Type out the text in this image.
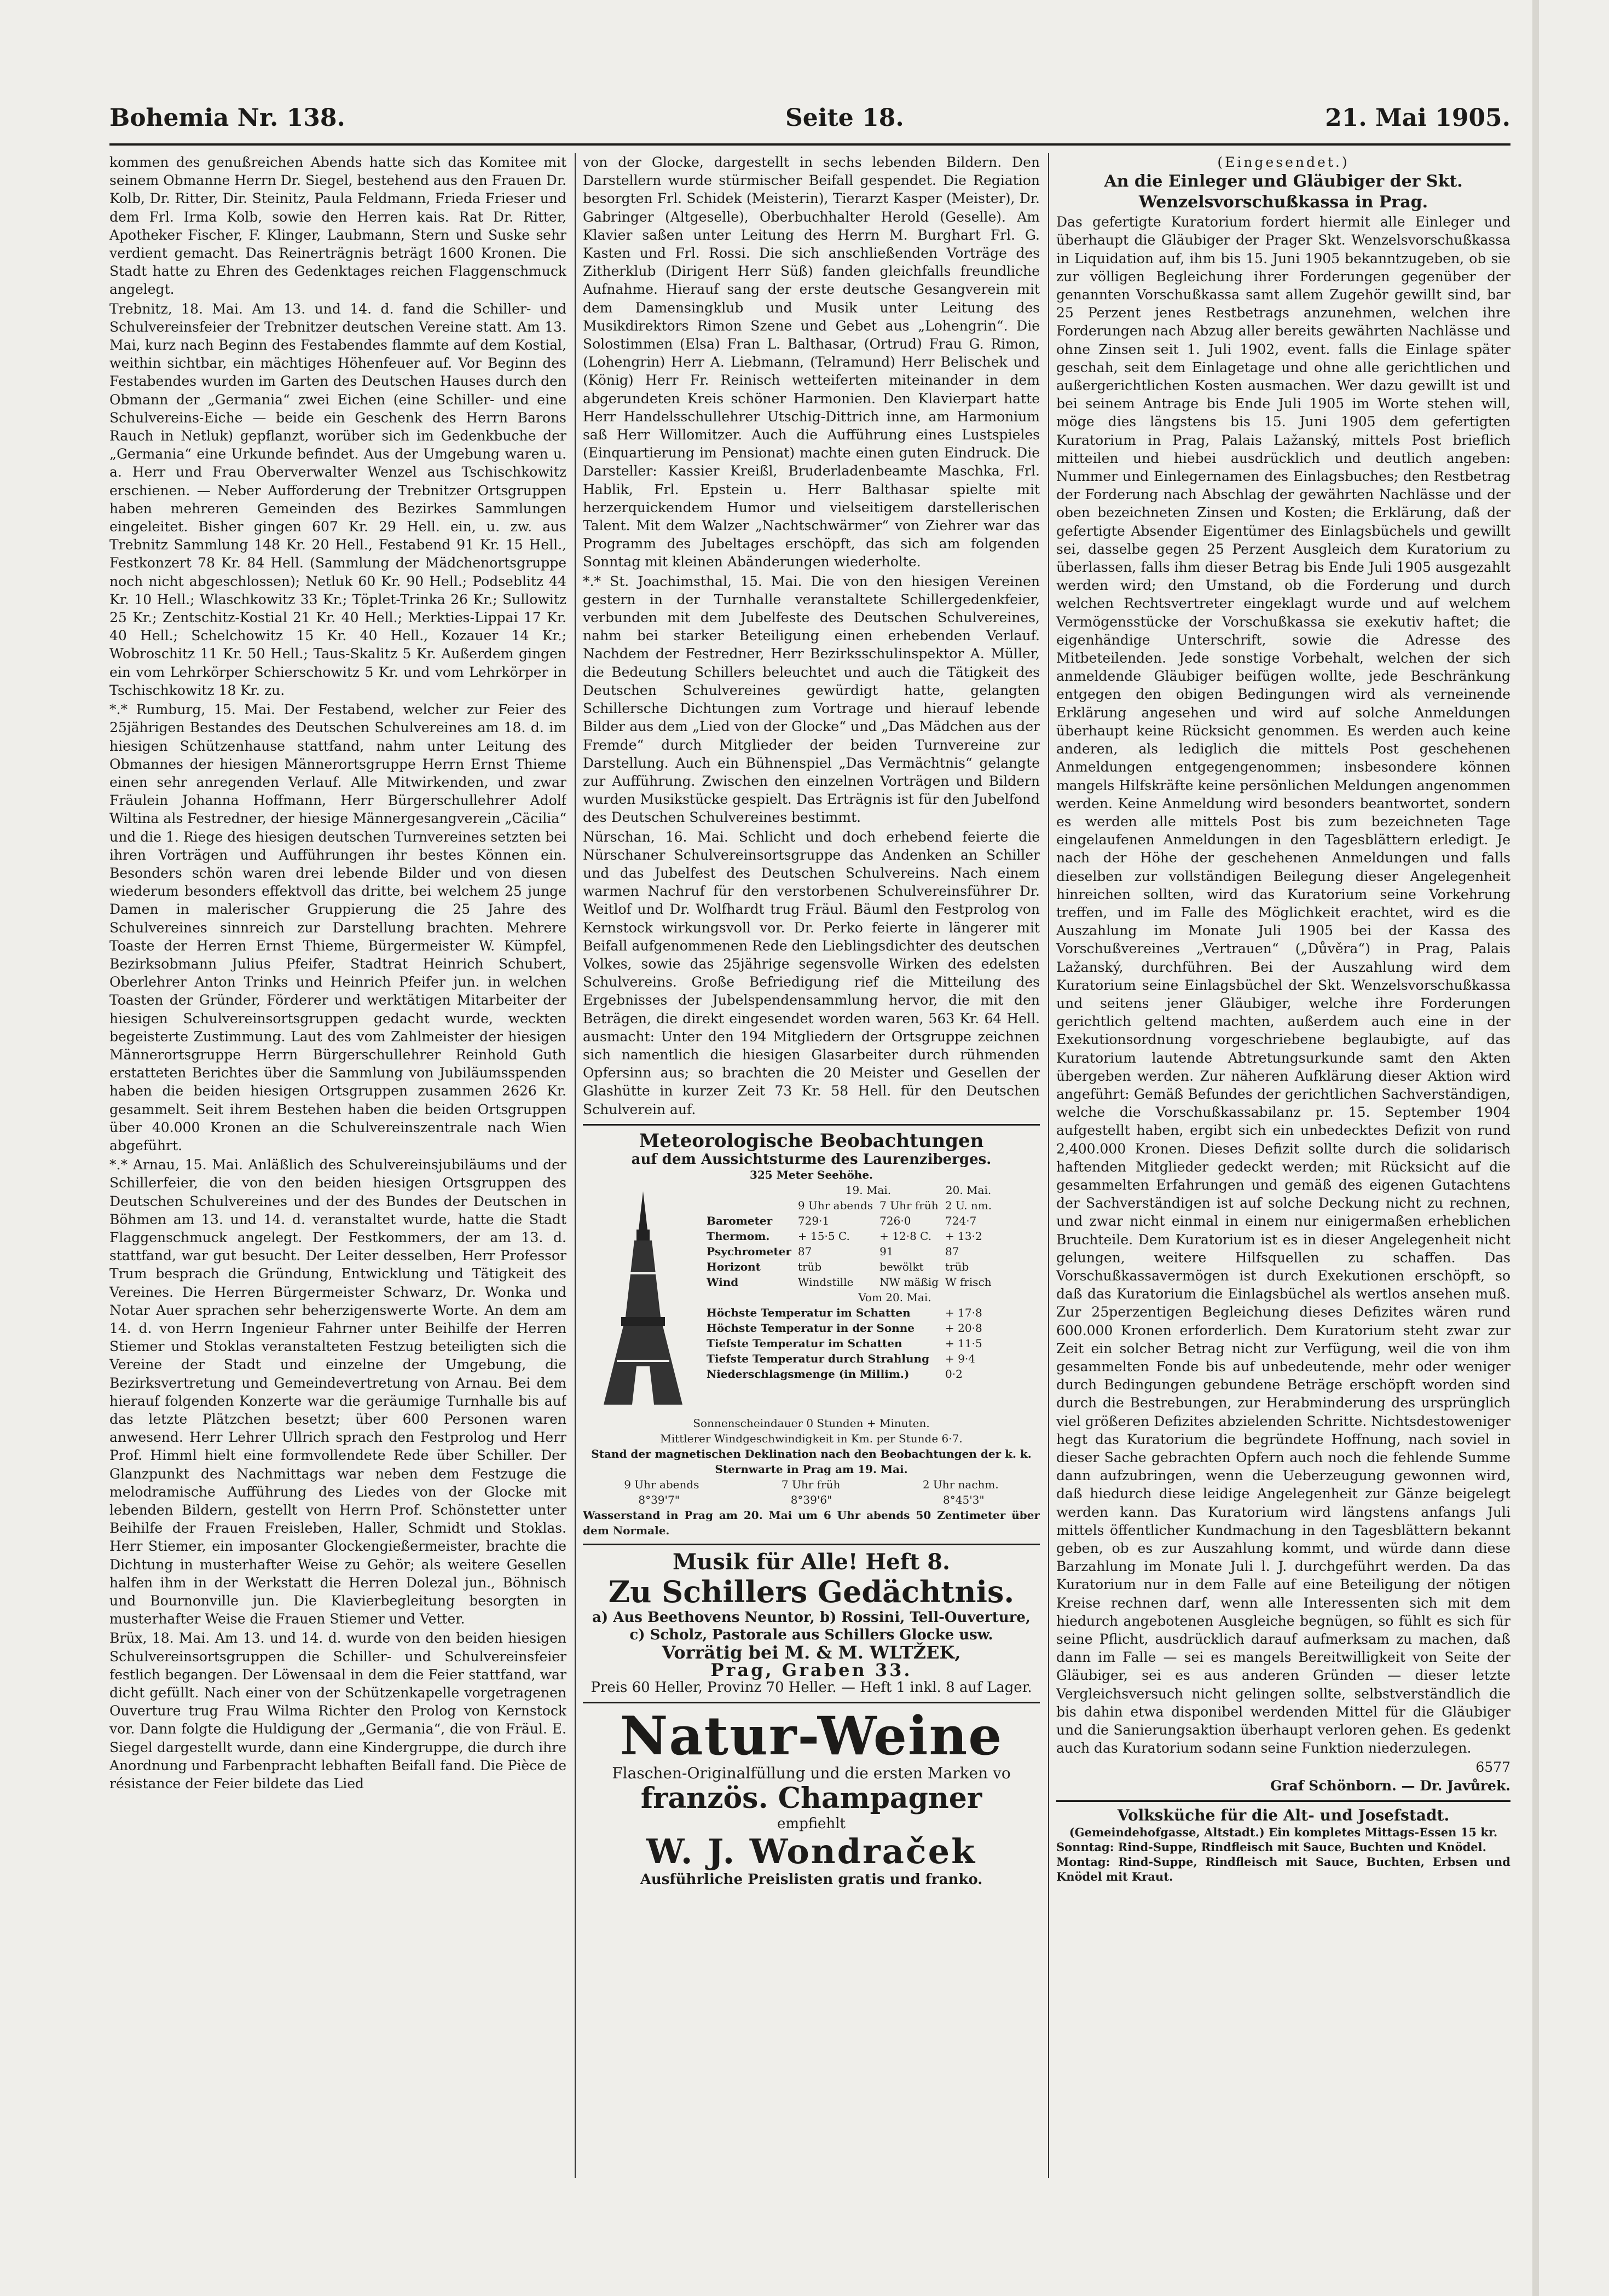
Bohemia Nr. 138.	Seite 18.	21. Mai 1905.

kommen des genußreichen Abends hatte sich das Komitee mit seinem Obmanne Herrn Dr. Siegel, bestehend aus den Frauen Dr. Kolb, Dr. Ritter, Dir. Steinitz, Paula Feldmann, Frieda Frieser und dem Frl. Irma Kolb, sowie den Herren kais. Rat Dr. Ritter, Apotheker Fischer, F. Klinger, Laubmann, Stern und Suske sehr verdient gemacht. Das Reinerträgnis beträgt 1600 Kronen. Die Stadt hatte zu Ehren des Gedenktages reichen Flaggenschmuck angelegt.

Trebnitz, 18. Mai. Am 13. und 14. d. fand die Schiller- und Schulvereinsfeier der Trebnitzer deutschen Vereine statt. Am 13. Mai, kurz nach Beginn des Festabendes flammte auf dem Kostial, weithin sichtbar, ein mächtiges Höhenfeuer auf. Vor Beginn des Festabendes wurden im Garten des Deutschen Hauses durch den Obmann der „Germania“ zwei Eichen (eine Schiller- und eine Schulvereins-Eiche — beide ein Geschenk des Herrn Barons Rauch in Netluk) gepflanzt, worüber sich im Gedenkbuche der „Germania“ eine Urkunde befindet. Aus der Umgebung waren u. a. Herr und Frau Oberverwalter Wenzel aus Tschischkowitz erschienen. — Neber Aufforderung der Trebnitzer Ortsgruppen haben mehreren Gemeinden des Bezirkes Sammlungen eingeleitet. Bisher gingen 607 Kr. 29 Hell. ein, u. zw. aus Trebnitz Sammlung 148 Kr. 20 Hell., Festabend 91 Kr. 15 Hell., Festkonzert 78 Kr. 84 Hell. (Sammlung der Mädchenortsgruppe noch nicht abgeschlossen); Netluk 60 Kr. 90 Hell.; Podseblitz 44 Kr. 10 Hell.; Wlaschkowitz 33 Kr.; Töplet-Trinka 26 Kr.; Sullowitz 25 Kr.; Zentschitz-Kostial 21 Kr. 40 Hell.; Merkties-Lippai 17 Kr. 40 Hell.; Schelchowitz 15 Kr. 40 Hell., Kozauer 14 Kr.; Wobroschitz 11 Kr. 50 Hell.; Taus-Skalitz 5 Kr. Außerdem gingen ein vom Lehrkörper Schierschowitz 5 Kr. und vom Lehrkörper in Tschischkowitz 18 Kr. zu.

*.* Rumburg, 15. Mai. Der Festabend, welcher zur Feier des 25jährigen Bestandes des Deutschen Schulvereines am 18. d. im hiesigen Schützenhause stattfand, nahm unter Leitung des Obmannes der hiesigen Männerortsgruppe Herrn Ernst Thieme einen sehr anregenden Verlauf. Alle Mitwirkenden, und zwar Fräulein Johanna Hoffmann, Herr Bürgerschullehrer Adolf Wiltina als Festredner, der hiesige Männergesangverein „Cäcilia“ und die 1. Riege des hiesigen deutschen Turnvereines setzten bei ihren Vorträgen und Aufführungen ihr bestes Können ein. Besonders schön waren drei lebende Bilder und von diesen wiederum besonders effektvoll das dritte, bei welchem 25 junge Damen in malerischer Gruppierung die 25 Jahre des Schulvereines sinnreich zur Darstellung brachten. Mehrere Toaste der Herren Ernst Thieme, Bürgermeister W. Kümpfel, Bezirksobmann Julius Pfeifer, Stadtrat Heinrich Schubert, Oberlehrer Anton Trinks und Heinrich Pfeifer jun. in welchen Toasten der Gründer, Förderer und werktätigen Mitarbeiter der hiesigen Schulvereinsortsgruppen gedacht wurde, weckten begeisterte Zustimmung. Laut des vom Zahlmeister der hiesigen Männerortsgruppe Herrn Bürgerschullehrer Reinhold Guth erstatteten Berichtes über die Sammlung von Jubiläumsspenden haben die beiden hiesigen Ortsgruppen zusammen 2626 Kr. gesammelt. Seit ihrem Bestehen haben die beiden Ortsgruppen über 40.000 Kronen an die Schulvereinszentrale nach Wien abgeführt.

*.* Arnau, 15. Mai. Anläßlich des Schulvereinsjubiläums und der Schillerfeier, die von den beiden hiesigen Ortsgruppen des Deutschen Schulvereines und der des Bundes der Deutschen in Böhmen am 13. und 14. d. veranstaltet wurde, hatte die Stadt Flaggenschmuck angelegt. Der Festkommers, der am 13. d. stattfand, war gut besucht. Der Leiter desselben, Herr Professor Trum besprach die Gründung, Entwicklung und Tätigkeit des Vereines. Die Herren Bürgermeister Schwarz, Dr. Wonka und Notar Auer sprachen sehr beherzigenswerte Worte. An dem am 14. d. von Herrn Ingenieur Fahrner unter Beihilfe der Herren Stiemer und Stoklas veranstalteten Festzug beteiligten sich die Vereine der Stadt und einzelne der Umgebung, die Bezirksvertretung und Gemeindevertretung von Arnau. Bei dem hierauf folgenden Konzerte war die geräumige Turnhalle bis auf das letzte Plätzchen besetzt; über 600 Personen waren anwesend. Herr Lehrer Ullrich sprach den Festprolog und Herr Prof. Himml hielt eine formvollendete Rede über Schiller. Der Glanzpunkt des Nachmittags war neben dem Festzuge die melodramische Aufführung des Liedes von der Glocke mit lebenden Bildern, gestellt von Herrn Prof. Schönstetter unter Beihilfe der Frauen Freisleben, Haller, Schmidt und Stoklas. Herr Stiemer, ein imposanter Glockengießermeister, brachte die Dichtung in musterhafter Weise zu Gehör; als weitere Gesellen halfen ihm in der Werkstatt die Herren Dolezal jun., Böhnisch und Bournonville jun. Die Klavierbegleitung besorgten in musterhafter Weise die Frauen Stiemer und Vetter.

Brüx, 18. Mai. Am 13. und 14. d. wurde von den beiden hiesigen Schulvereinsortsgruppen die Schiller- und Schulvereinsfeier festlich begangen. Der Löwensaal in dem die Feier stattfand, war dicht gefüllt. Nach einer von der Schützenkapelle vorgetragenen Ouverture trug Frau Wilma Richter den Prolog von Kernstock vor. Dann folgte die Huldigung der „Germania“, die von Fräul. E. Siegel dargestellt wurde, dann eine Kindergruppe, die durch ihre Anordnung und Farbenpracht lebhaften Beifall fand. Die Pièce de résistance der Feier bildete das Lied

von der Glocke, dargestellt in sechs lebenden Bildern. Den Darstellern wurde stürmischer Beifall gespendet. Die Regiation besorgten Frl. Schidek (Meisterin), Tierarzt Kasper (Meister), Dr. Gabringer (Altgeselle), Oberbuchhalter Herold (Geselle). Am Klavier saßen unter Leitung des Herrn M. Burghart Frl. G. Kasten und Frl. Rossi. Die sich anschließenden Vorträge des Zitherklub (Dirigent Herr Süß) fanden gleichfalls freundliche Aufnahme. Hierauf sang der erste deutsche Gesangverein mit dem Damensingklub und Musik unter Leitung des Musikdirektors Rimon Szene und Gebet aus „Lohengrin“. Die Solostimmen (Elsa) Fran L. Balthasar, (Ortrud) Frau G. Rimon, (Lohengrin) Herr A. Liebmann, (Telramund) Herr Belischek und (König) Herr Fr. Reinisch wetteiferten miteinander in dem abgerundeten Kreis schöner Harmonien. Den Klavierpart hatte Herr Handelsschullehrer Utschig-Dittrich inne, am Harmonium saß Herr Willomitzer. Auch die Aufführung eines Lustspieles (Einquartierung im Pensionat) machte einen guten Eindruck. Die Darsteller: Kassier Kreißl, Bruderladenbeamte Maschka, Frl. Hablik, Frl. Epstein u. Herr Balthasar spielte mit herzerquickendem Humor und vielseitigem darstellerischen Talent. Mit dem Walzer „Nachtschwärmer“ von Ziehrer war das Programm des Jubeltages erschöpft, das sich am folgenden Sonntag mit kleinen Abänderungen wiederholte.

*.* St. Joachimsthal, 15. Mai. Die von den hiesigen Vereinen gestern in der Turnhalle veranstaltete Schillergedenkfeier, verbunden mit dem Jubelfeste des Deutschen Schulvereines, nahm bei starker Beteiligung einen erhebenden Verlauf. Nachdem der Festredner, Herr Bezirksschulinspektor A. Müller, die Bedeutung Schillers beleuchtet und auch die Tätigkeit des Deutschen Schulvereines gewürdigt hatte, gelangten Schillersche Dichtungen zum Vortrage und hierauf lebende Bilder aus dem „Lied von der Glocke“ und „Das Mädchen aus der Fremde“ durch Mitglieder der beiden Turnvereine zur Darstellung. Auch ein Bühnenspiel „Das Vermächtnis“ gelangte zur Aufführung. Zwischen den einzelnen Vorträgen und Bildern wurden Musikstücke gespielt. Das Erträgnis ist für den Jubelfond des Deutschen Schulvereines bestimmt.

Nürschan, 16. Mai. Schlicht und doch erhebend feierte die Nürschaner Schulvereinsortsgruppe das Andenken an Schiller und das Jubelfest des Deutschen Schulvereins. Nach einem warmen Nachruf für den verstorbenen Schulvereinsführer Dr. Weitlof und Dr. Wolfhardt trug Fräul. Bäuml den Festprolog von Kernstock wirkungsvoll vor. Dr. Perko feierte in längerer mit Beifall aufgenommenen Rede den Lieblingsdichter des deutschen Volkes, sowie das 25jährige segensvolle Wirken des edelsten Schulvereins. Große Befriedigung rief die Mitteilung des Ergebnisses der Jubelspendensammlung hervor, die mit den Beträgen, die direkt eingesendet worden waren, 563 Kr. 64 Hell. ausmacht: Unter den 194 Mitgliedern der Ortsgruppe zeichnen sich namentlich die hiesigen Glasarbeiter durch rühmenden Opfersinn aus; so brachten die 20 Meister und Gesellen der Glashütte in kurzer Zeit 73 Kr. 58 Hell. für den Deutschen Schulverein auf.

Meteorologische Beobachtungen
auf dem Aussichtsturme des Laurenziberges.
325 Meter Seehöhe.
	19. Mai.		20. Mai.
	9 Uhr abends	7 Uhr früh	2 U. nm.
Barometer	729·1	726·0	724·7
Thermom.	+ 15·5 C.	+ 12·8 C.	+ 13·2
Psychrometer	87	91	87
Horizont	trüb	bewölkt	trüb
Wind	Windstille	NW mäßig	W frisch
	Vom 20. Mai.		
Höchste Temperatur im Schatten			+ 17·8
Höchste Temperatur in der Sonne			+ 20·8
Tiefste Temperatur im Schatten			+ 11·5
Tiefste Temperatur durch Strahlung			+ 9·4
Niederschlagsmenge (in Millim.)			0·2
Sonnenscheindauer 0 Stunden + Minuten.
Mittlerer Windgeschwindigkeit in Km. per Stunde 6·7.
Stand der magnetischen Deklination nach den Beobachtungen der k. k. Sternwarte in Prag am 19. Mai.
9 Uhr abends	7 Uhr früh	2 Uhr nachm.
8°39'7"	8°39'6"	8°45'3"
Wasserstand in Prag am 20. Mai um 6 Uhr abends 50 Zentimeter über dem Normale.
Musik für Alle! Heft 8.
Zu Schillers Gedächtnis.
a) Aus Beethovens Neuntor, b) Rossini, Tell-Ouverture, c) Scholz, Pastorale aus Schillers Glocke usw.
Vorrätig bei M. & M. WLTŽEK,
Prag, Graben 33.
Preis 60 Heller, Provinz 70 Heller. — Heft 1 inkl. 8 auf Lager.
Natur-Weine
Flaschen-Originalfüllung und die ersten Marken vo
französ. Champagner
empfiehlt
W. J. Wondraček
Ausführliche Preislisten gratis und franko.
(Eingesendet.)
An die Einleger und Gläubiger der Skt. Wenzelsvorschußkassa in Prag.

Das gefertigte Kuratorium fordert hiermit alle Einleger und überhaupt die Gläubiger der Prager Skt. Wenzelsvorschußkassa in Liquidation auf, ihm bis 15. Juni 1905 bekanntzugeben, ob sie zur völligen Begleichung ihrer Forderungen gegenüber der genannten Vorschußkassa samt allem Zugehör gewillt sind, bar 25 Perzent jenes Restbetrags anzunehmen, welchen ihre Forderungen nach Abzug aller bereits gewährten Nachlässe und ohne Zinsen seit 1. Juli 1902, event. falls die Einlage später geschah, seit dem Einlagetage und ohne alle gerichtlichen und außergerichtlichen Kosten ausmachen. Wer dazu gewillt ist und bei seinem Antrage bis Ende Juli 1905 im Worte stehen will, möge dies längstens bis 15. Juni 1905 dem gefertigten Kuratorium in Prag, Palais Lažanský, mittels Post brieflich mitteilen und hiebei ausdrücklich und deutlich angeben: Nummer und Einlegernamen des Einlagsbuches; den Restbetrag der Forderung nach Abschlag der gewährten Nachlässe und der oben bezeichneten Zinsen und Kosten; die Erklärung, daß der gefertigte Absender Eigentümer des Einlagsbüchels und gewillt sei, dasselbe gegen 25 Perzent Ausgleich dem Kuratorium zu überlassen, falls ihm dieser Betrag bis Ende Juli 1905 ausgezahlt werden wird; den Umstand, ob die Forderung und durch welchen Rechtsvertreter eingeklagt wurde und auf welchem Vermögensstücke der Vorschußkassa sie exekutiv haftet; die eigenhändige Unterschrift, sowie die Adresse des Mitbeteilenden. Jede sonstige Vorbehalt, welchen der sich anmeldende Gläubiger beifügen wollte, jede Beschränkung entgegen den obigen Bedingungen wird als verneinende Erklärung angesehen und wird auf solche Anmeldungen überhaupt keine Rücksicht genommen. Es werden auch keine anderen, als lediglich die mittels Post geschehenen Anmeldungen entgegengenommen; insbesondere können mangels Hilfskräfte keine persönlichen Meldungen angenommen werden. Keine Anmeldung wird besonders beantwortet, sondern es werden alle mittels Post bis zum bezeichneten Tage eingelaufenen Anmeldungen in den Tagesblättern erledigt. Je nach der Höhe der geschehenen Anmeldungen und falls dieselben zur vollständigen Beilegung dieser Angelegenheit hinreichen sollten, wird das Kuratorium seine Vorkehrung treffen, und im Falle des Möglichkeit erachtet, wird es die Auszahlung im Monate Juli 1905 bei der Kassa des Vorschußvereines „Vertrauen“ („Důvěra“) in Prag, Palais Lažanský, durchführen. Bei der Auszahlung wird dem Kuratorium seine Einlagsbüchel der Skt. Wenzelsvorschußkassa und seitens jener Gläubiger, welche ihre Forderungen gerichtlich geltend machten, außerdem auch eine in der Exekutionsordnung vorgeschriebene beglaubigte, auf das Kuratorium lautende Abtretungsurkunde samt den Akten übergeben werden. Zur näheren Aufklärung dieser Aktion wird angeführt: Gemäß Befundes der gerichtlichen Sachverständigen, welche die Vorschußkassabilanz pr. 15. September 1904 aufgestellt haben, ergibt sich ein unbedecktes Defizit von rund 2,400.000 Kronen. Dieses Defizit sollte durch die solidarisch haftenden Mitglieder gedeckt werden; mit Rücksicht auf die gesammelten Erfahrungen und gemäß des eigenen Gutachtens der Sachverständigen ist auf solche Deckung nicht zu rechnen, und zwar nicht einmal in einem nur einigermaßen erheblichen Bruchteile. Dem Kuratorium ist es in dieser Angelegenheit nicht gelungen, weitere Hilfsquellen zu schaffen. Das Vorschußkassavermögen ist durch Exekutionen erschöpft, so daß das Kuratorium die Einlagsbüchel als wertlos ansehen muß. Zur 25perzentigen Begleichung dieses Defizites wären rund 600.000 Kronen erforderlich. Dem Kuratorium steht zwar zur Zeit ein solcher Betrag nicht zur Verfügung, weil die von ihm gesammelten Fonde bis auf unbedeutende, mehr oder weniger durch Bedingungen gebundene Beträge erschöpft worden sind durch die Bestrebungen, zur Herabminderung des ursprünglich viel größeren Defizites abzielenden Schritte. Nichtsdestoweniger hegt das Kuratorium die begründete Hoffnung, nach soviel in dieser Sache gebrachten Opfern auch noch die fehlende Summe dann aufzubringen, wenn die Ueberzeugung gewonnen wird, daß hiedurch diese leidige Angelegenheit zur Gänze beigelegt werden kann. Das Kuratorium wird längstens anfangs Juli mittels öffentlicher Kundmachung in den Tagesblättern bekannt geben, ob es zur Auszahlung kommt, und würde dann diese Barzahlung im Monate Juli l. J. durchgeführt werden. Da das Kuratorium nur in dem Falle auf eine Beteiligung der nötigen Kreise rechnen darf, wenn alle Interessenten sich mit dem hiedurch angebotenen Ausgleiche begnügen, so fühlt es sich für seine Pflicht, ausdrücklich darauf aufmerksam zu machen, daß dann im Falle — sei es mangels Bereitwilligkeit von Seite der Gläubiger, sei es aus anderen Gründen — dieser letzte Vergleichsversuch nicht gelingen sollte, selbstverständlich die bis dahin etwa disponibel werdenden Mittel für die Gläubiger und die Sanierungsaktion überhaupt verloren gehen. Es gedenkt auch das Kuratorium sodann seine Funktion niederzulegen.

6577
Graf Schönborn. — Dr. Javůrek.
Volksküche für die Alt- und Josefstadt.
(Gemeindehofgasse, Altstadt.) Ein kompletes Mittags-Essen 15 kr.
Sonntag: Rind-Suppe, Rindfleisch mit Sauce, Buchten und Knödel.
Montag: Rind-Suppe, Rindfleisch mit Sauce, Buchten, Erbsen und Knödel mit Kraut.
